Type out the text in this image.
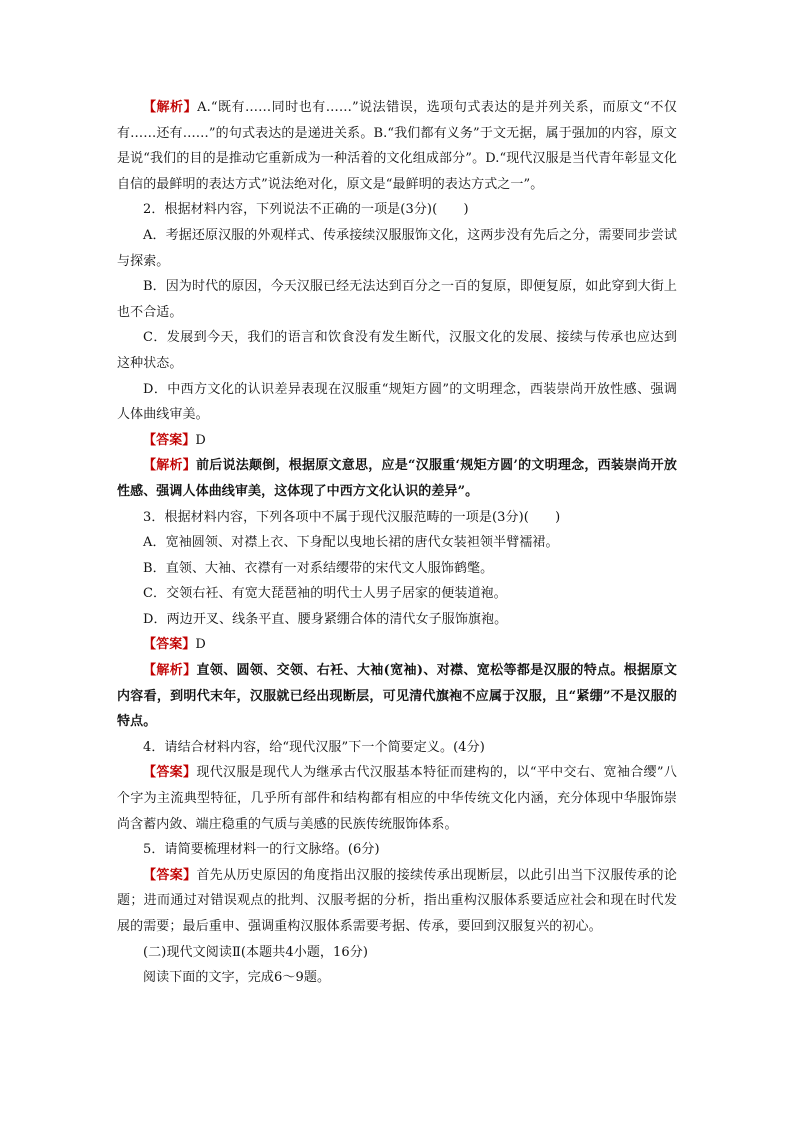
【解析】A.“既有……同时也有……”说法错误，选项句式表达的是并列关系，而原文“不仅有……还有……”的句式表达的是递进关系。B.“我们都有义务”于文无据，属于强加的内容，原文是说“我们的目的是推动它重新成为一种活着的文化组成部分”。D.“现代汉服是当代青年彰显文化自信的最鲜明的表达方式”说法绝对化，原文是“最鲜明的表达方式之一”。

2．根据材料内容，下列说法不正确的一项是(3分)(　　)

A．考据还原汉服的外观样式、传承接续汉服服饰文化，这两步没有先后之分，需要同步尝试与探索。

B．因为时代的原因，今天汉服已经无法达到百分之一百的复原，即便复原，如此穿到大街上也不合适。

C．发展到今天，我们的语言和饮食没有发生断代，汉服文化的发展、接续与传承也应达到这种状态。

D．中西方文化的认识差异表现在汉服重“规矩方圆”的文明理念，西装崇尚开放性感、强调人体曲线审美。

【答案】D

【解析】前后说法颠倒，根据原文意思，应是“汉服重‘规矩方圆’的文明理念，西装崇尚开放性感、强调人体曲线审美，这体现了中西方文化认识的差异”。

3．根据材料内容，下列各项中不属于现代汉服范畴的一项是(3分)(　　)

A．宽袖圆领、对襟上衣、下身配以曳地长裙的唐代女装袒领半臂襦裙。

B．直领、大袖、衣襟有一对系结缨带的宋代文人服饰鹤氅。

C．交领右衽、有宽大琵琶袖的明代士人男子居家的便装道袍。

D．两边开叉、线条平直、腰身紧绷合体的清代女子服饰旗袍。

【答案】D

【解析】直领、圆领、交领、右衽、大袖(宽袖)、对襟、宽松等都是汉服的特点。根据原文内容看，到明代末年，汉服就已经出现断层，可见清代旗袍不应属于汉服，且“紧绷”不是汉服的特点。

4．请结合材料内容，给“现代汉服”下一个简要定义。(4分)

【答案】现代汉服是现代人为继承古代汉服基本特征而建构的，以“平中交右、宽袖合缨”八个字为主流典型特征，几乎所有部件和结构都有相应的中华传统文化内涵，充分体现中华服饰崇尚含蓄内敛、端庄稳重的气质与美感的民族传统服饰体系。

5．请简要梳理材料一的行文脉络。(6分)

【答案】首先从历史原因的角度指出汉服的接续传承出现断层，以此引出当下汉服传承的论题；进而通过对错误观点的批判、汉服考据的分析，指出重构汉服体系要适应社会和现在时代发展的需要；最后重申、强调重构汉服体系需要考据、传承，要回到汉服复兴的初心。

(二)现代文阅读Ⅱ(本题共4小题，16分)

阅读下面的文字，完成6～9题。
